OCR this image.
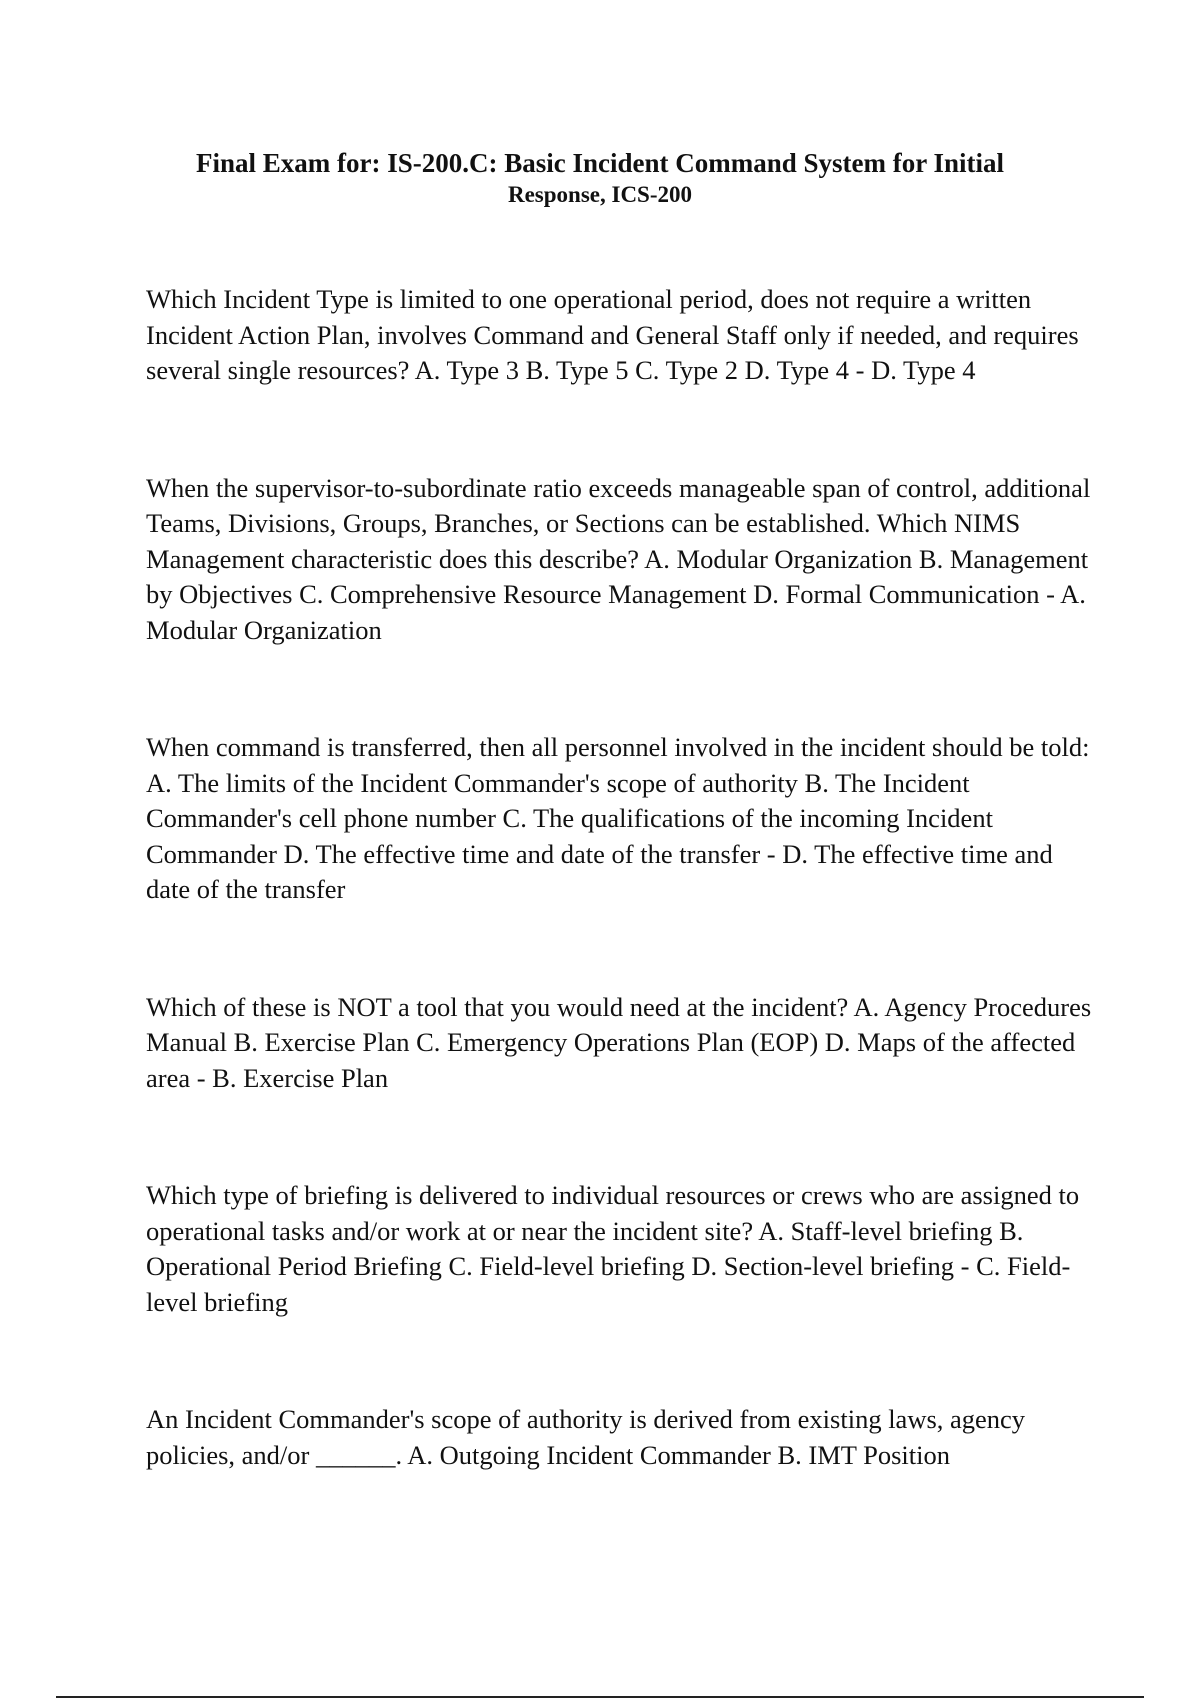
Final Exam for: IS-200.C: Basic Incident Command System for Initial
Response, ICS-200

Which Incident Type is limited to one operational period, does not require a written Incident Action Plan, involves Command and General Staff only if needed, and requires several single resources? A. Type 3 B. Type 5 C. Type 2 D. Type 4 - D. Type 4

When the supervisor-to-subordinate ratio exceeds manageable span of control, additional Teams, Divisions, Groups, Branches, or Sections can be established. Which NIMS Management characteristic does this describe? A. Modular Organization B. Management by Objectives C. Comprehensive Resource Management D. Formal Communication - A. Modular Organization

When command is transferred, then all personnel involved in the incident should be told: A. The limits of the Incident Commander's scope of authority B. The Incident Commander's cell phone number C. The qualifications of the incoming Incident Commander D. The effective time and date of the transfer - D. The effective time and date of the transfer

Which of these is NOT a tool that you would need at the incident? A. Agency Procedures Manual B. Exercise Plan C. Emergency Operations Plan (EOP) D. Maps of the affected area - B. Exercise Plan

Which type of briefing is delivered to individual resources or crews who are assigned to operational tasks and/or work at or near the incident site? A. Staff-level briefing B. Operational Period Briefing C. Field-level briefing D. Section-level briefing - C. Field-level briefing

An Incident Commander's scope of authority is derived from existing laws, agency policies, and/or ______. A. Outgoing Incident Commander B. IMT Position
